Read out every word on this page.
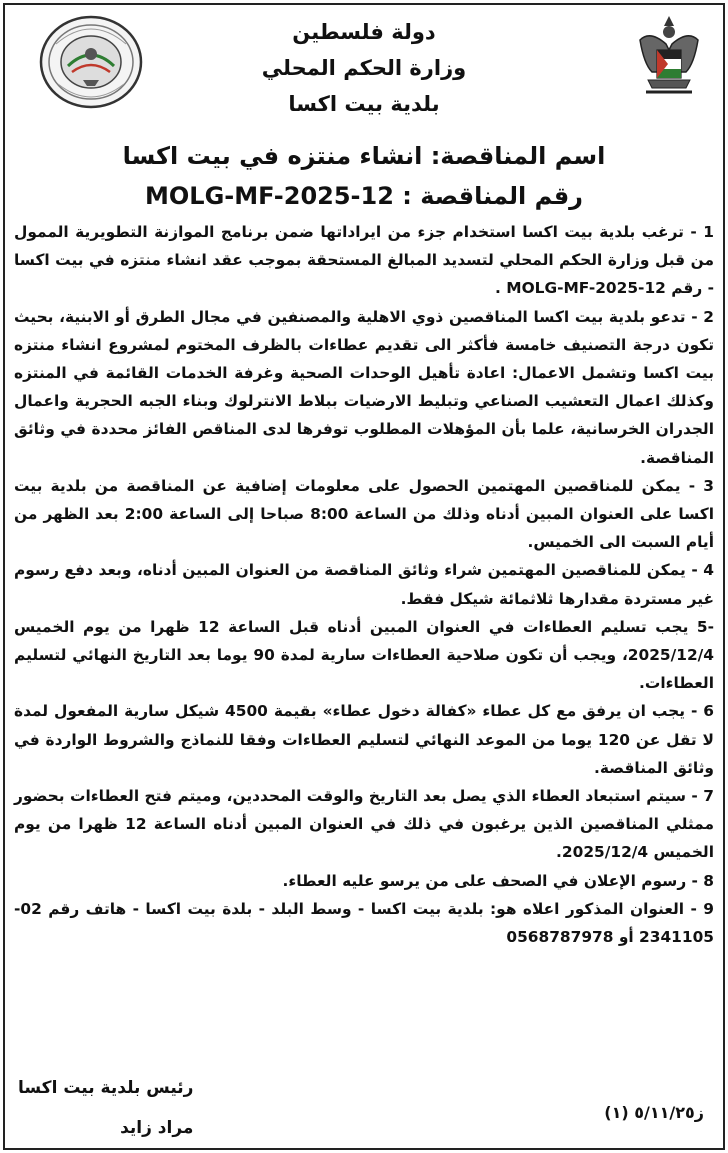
دولة فلسطين
وزارة الحكم المحلي
بلدية بيت اكسا
اسم المناقصة: انشاء منتزه في بيت اكسا
رقم المناقصة : MOLG-MF-2025-12

1 - ترغب بلدية بيت اكسا استخدام جزء من ايراداتها ضمن برنامج الموازنة التطويرية الممول من قبل وزارة الحكم المحلي لتسديد المبالغ المستحقة بموجب عقد انشاء منتزه في بيت اكسا - رقم MOLG-MF-2025-12 .

2 - تدعو بلدية بيت اكسا المناقصين ذوي الاهلية والمصنفين في مجال الطرق أو الابنية، بحيث تكون درجة التصنيف خامسة فأكثر الى تقديم عطاءات بالظرف المختوم لمشروع انشاء منتزه بيت اكسا وتشمل الاعمال: اعادة تأهيل الوحدات الصحية وغرفة الخدمات القائمة في المنتزه وكذلك اعمال التعشيب الصناعي وتبليط الارضيات ببلاط الانترلوك وبناء الجبه الحجرية واعمال الجدران الخرسانية، علما بأن المؤهلات المطلوب توفرها لدى المناقص الفائز محددة في وثائق المناقصة.

3 - يمكن للمناقصين المهتمين الحصول على معلومات إضافية عن المناقصة من بلدية بيت اكسا على العنوان المبين أدناه وذلك من الساعة 8:00 صباحا إلى الساعة 2:00 بعد الظهر من أيام السبت الى الخميس.

4 - يمكن للمناقصين المهتمين شراء وثائق المناقصة من العنوان المبين أدناه، وبعد دفع رسوم غير مستردة مقدارها ثلاثمائة شيكل فقط.

-5 يجب تسليم العطاءات في العنوان المبين أدناه قبل الساعة 12 ظهرا من يوم الخميس 2025/12/4، ويجب أن تكون صلاحية العطاءات سارية لمدة 90 يوما بعد التاريخ النهائي لتسليم العطاءات.

6 - يجب ان يرفق مع كل عطاء «كفالة دخول عطاء» بقيمة 4500 شيكل سارية المفعول لمدة لا تقل عن 120 يوما من الموعد النهائي لتسليم العطاءات وفقا للنماذج والشروط الواردة في وثائق المناقصة.

7 - سيتم استبعاد العطاء الذي يصل بعد التاريخ والوقت المحددين، وميتم فتح العطاءات بحضور ممثلي المناقصين الذين يرغبون في ذلك في العنوان المبين أدناه الساعة 12 ظهرا من يوم الخميس 2025/12/4.

8 - رسوم الإعلان في الصحف على من يرسو عليه العطاء.

9 - العنوان المذكور اعلاه هو: بلدية بيت اكسا - وسط البلد - بلدة بيت اكسا - هاتف رقم 02-2341105 أو 0568787978

رئيس بلدية بيت اكسا
مراد زايد
ز٥/١١/٢٥ (١)
